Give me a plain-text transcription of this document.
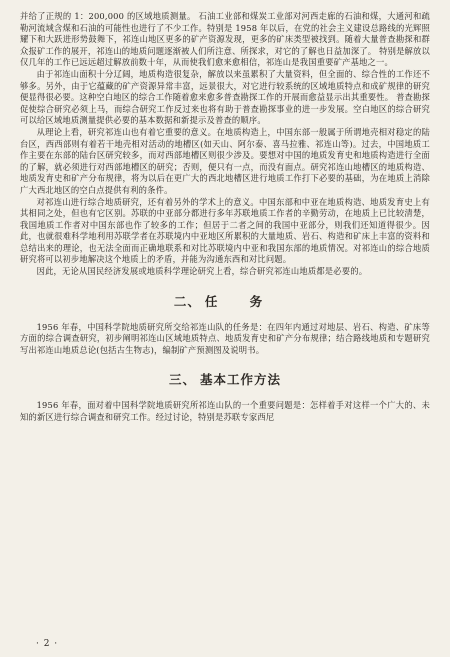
并给了正规的 1：200,000 的区域地质测量。 石油工业部和煤炭工业部对河西走廊的石油和煤，大通河和疏勒河流域含煤和石油的可能性也进行了不少工作。特别是 1958 年以后，在党的社会主义建设总路线的光辉照耀下和大跃进形势鼓舞下，祁连山地区更多的矿产资源发现，更多的矿床类型被找到。随着大量普查勘探和群众报矿工作的展开，祁连山的地质问题逐渐被人们所注意、所探求，对它的了解也日益加深了。 特别是解放以仅几年的工作已远远超过解放前数十年，从而使我们愈来愈相信，祁连山是我国重要矿产基地之一。

由于祁连山面积十分辽阔，地质构造很复杂，解放以来虽累积了大量资料，但全面的、综合性的工作还不够多。另外，由于它蕴藏的矿产资源异常丰富，远景很大，对它进行较系统的区域地质特点和成矿规律的研究便显得很必要。这种空白地区的综合工作随着愈来愈多普查勘探工作的开展而愈益显示出其重要性。 普查勘探促使综合研究必须上马，而综合研究工作反过来也将有助于普查勘探事业的进一步发展。空白地区的综合研究可以给区域地质测量提供必要的基本数据和新提示及普查的顺序。

从理论上看，研究祁连山也有着它重要的意义。在地质构造上，中国东部一般属于所谓地壳相对稳定的陆台区，西西部则有着若干地壳相对活动的地槽区(如天山、阿尔泰、喜马拉雅、祁连山等)。过去，中国地质工作主要在东部的陆台区研究较多，而对西部地槽区则很少涉及。要想对中国的地质发育史和地质构造进行全面的了解，就必须进行对西部地槽区的研究；否则，便只有一点，而没有面点。研究祁连山地槽区的地质构造、地质发育史和矿产分布规律，将为以后在更广大的西北地槽区进行地质工作打下必要的基础，为在地质上消除广大西北地区的空白点提供有利的条件。

对祁连山进行综合地质研究，还有着另外的学术上的意义。中国东部和中亚在地质构造、地质发育史上有其相同之处，但也有它区别。苏联的中亚部分都进行多年苏联地质工作者的辛勤劳动，在地质上已比较清楚，我国地质工作者对中国东部也作了较多的工作；但居于二者之间的我国中亚部分，则我们还知道得很少。因此，也就很难科学地利用苏联学者在苏联境内中亚地区所累积的大量地质、岩石、构造和矿床上丰富的资料和总结出来的理论，也无法全面而正确地联系和对比苏联境内中亚和我国东部的地质情况。对祁连山的综合地质研究将可以初步地解决这个地质上的矛盾，并能为沟通东西和对比问题。

因此，无论从国民经济发展或地质科学理论研究上看，综合研究祁连山地质都是必要的。

二、 任 务

1956 年春，中国科学院地质研究所交给祁连山队的任务是：在四年内通过对地层、岩石、构造、矿床等方面的综合调查研究，初步阐明祁连山区域地质特点、地质发育史和矿产分布规律；结合路线地质和专题研究写出祁连山地质总论(包括古生物志)，编制矿产预测图及说明书。

三、 基本工作方法

1956 年春，面对着中国科学院地质研究所祁连山队的一个重要问题是：怎样着手对这样一个广大的、未知的新区进行综合调查和研究工作。经过讨论，特别是苏联专家西尼

· 2 ·
